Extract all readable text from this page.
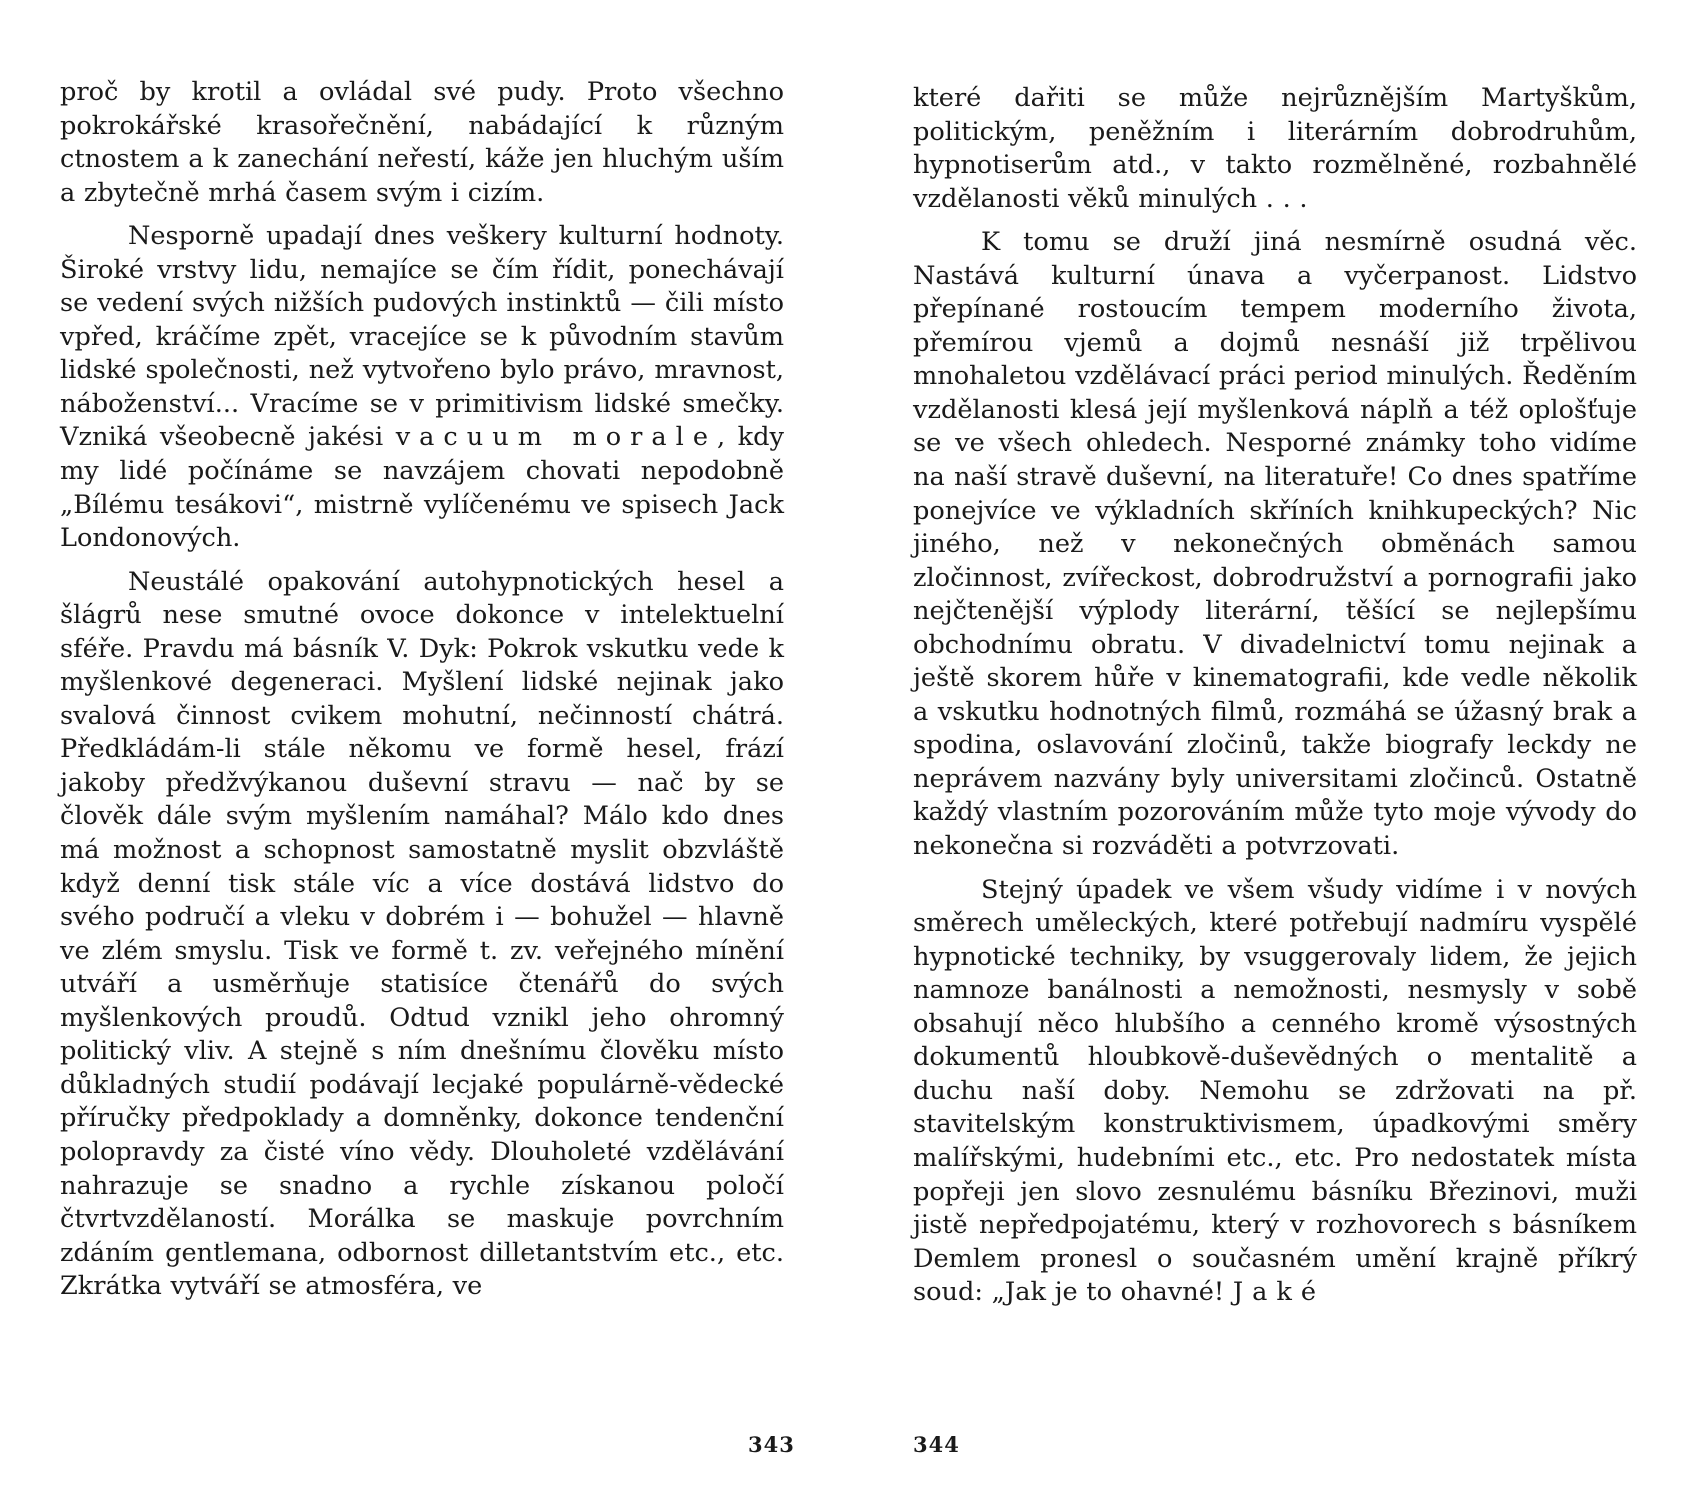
proč by krotil a ovládal své pudy. Proto všechno pokrokářské krasořečnění, nabádající k různým ctnostem a k zanechání neřestí, káže jen hluchým uším a zbytečně mrhá časem svým i cizím.

Nesporně upadají dnes veškery kulturní hodnoty. Široké vrstvy lidu, nemajíce se čím řídit, ponechávají se vedení svých nižších pudových instinktů — čili místo vpřed, kráčíme zpět, vracejíce se k původním stavům lidské společnosti, než vytvořeno bylo právo, mravnost, náboženství... Vracíme se v primitivism lidské smečky. Vzniká všeobecně jakési vacuum morale, kdy my lidé počínáme se navzájem chovati nepodobně „Bílému tesákovi“, mistrně vylíčenému ve spisech Jack Londonových.

Neustálé opakování autohypnotických hesel a šlágrů nese smutné ovoce dokonce v intelektuelní sféře. Pravdu má básník V. Dyk: Pokrok vskutku vede k myšlenkové degeneraci. Myšlení lidské nejinak jako svalová činnost cvikem mohutní, nečinností chátrá. Předkládám-li stále někomu ve formě hesel, frází jakoby předžvýkanou duševní stravu — nač by se člověk dále svým myšlením namáhal? Málo kdo dnes má možnost a schopnost samostatně myslit obzvláště když denní tisk stále víc a více dostává lidstvo do svého područí a vleku v dobrém i — bohužel — hlavně ve zlém smyslu. Tisk ve formě t. zv. veřejného mínění utváří a usměrňuje statisíce čtenářů do svých myšlenkových proudů. Odtud vznikl jeho ohromný politický vliv. A stejně s ním dnešnímu člověku místo důkladných studií podávají lecjaké populárně-vědecké příručky předpoklady a domněnky, dokonce tendenční polopravdy za čisté víno vědy. Dlouholeté vzdělávání nahrazuje se snadno a rychle získanou poločí čtvrtvzdělaností. Morálka se maskuje povrchním zdáním gentlemana, odbornost dilletantstvím etc., etc. Zkrátka vytváří se atmosféra, ve

343

které dařiti se může nejrůznějším Martyškům, politickým, peněžním i literárním dobrodruhům, hypnotiserům atd., v takto rozmělněné, rozbahnělé vzdělanosti věků minulých . . .

K tomu se druží jiná nesmírně osudná věc. Nastává kulturní únava a vyčerpanost. Lidstvo přepínané rostoucím tempem moderního života, přemírou vjemů a dojmů nesnáší již trpělivou mnohaletou vzdělávací práci period minulých. Ředěním vzdělanosti klesá její myšlenková náplň a též oplošťuje se ve všech ohledech. Nesporné známky toho vidíme na naší stravě duševní, na literatuře! Co dnes spatříme ponejvíce ve výkladních skříních knihkupeckých? Nic jiného, než v nekonečných obměnách samou zločinnost, zvířeckost, dobrodružství a pornografii jako nejčtenější výplody literární, těšící se nejlepšímu obchodnímu obratu. V divadelnictví tomu nejinak a ještě skorem hůře v kinematografii, kde vedle několik a vskutku hodnotných filmů, rozmáhá se úžasný brak a spodina, oslavování zločinů, takže biografy leckdy ne neprávem nazvány byly universitami zločinců. Ostatně každý vlastním pozorováním může tyto moje vývody do nekonečna si rozváděti a potvrzovati.

Stejný úpadek ve všem všudy vidíme i v nových směrech uměleckých, které potřebují nadmíru vyspělé hypnotické techniky, by vsuggerovaly lidem, že jejich namnoze banálnosti a nemožnosti, nesmysly v sobě obsahují něco hlubšího a cenného kromě výsostných dokumentů hloubkově-duševědných o mentalitě a duchu naší doby. Nemohu se zdržovati na př. stavitelským konstruktivismem, úpadkovými směry malířskými, hudebními etc., etc. Pro nedostatek místa popřeji jen slovo zesnulému básníku Březinovi, muži jistě nepředpojatému, který v rozhovorech s básníkem Demlem pronesl o současném umění krajně příkrý soud: „Jak je to ohavné! Jaké

344
